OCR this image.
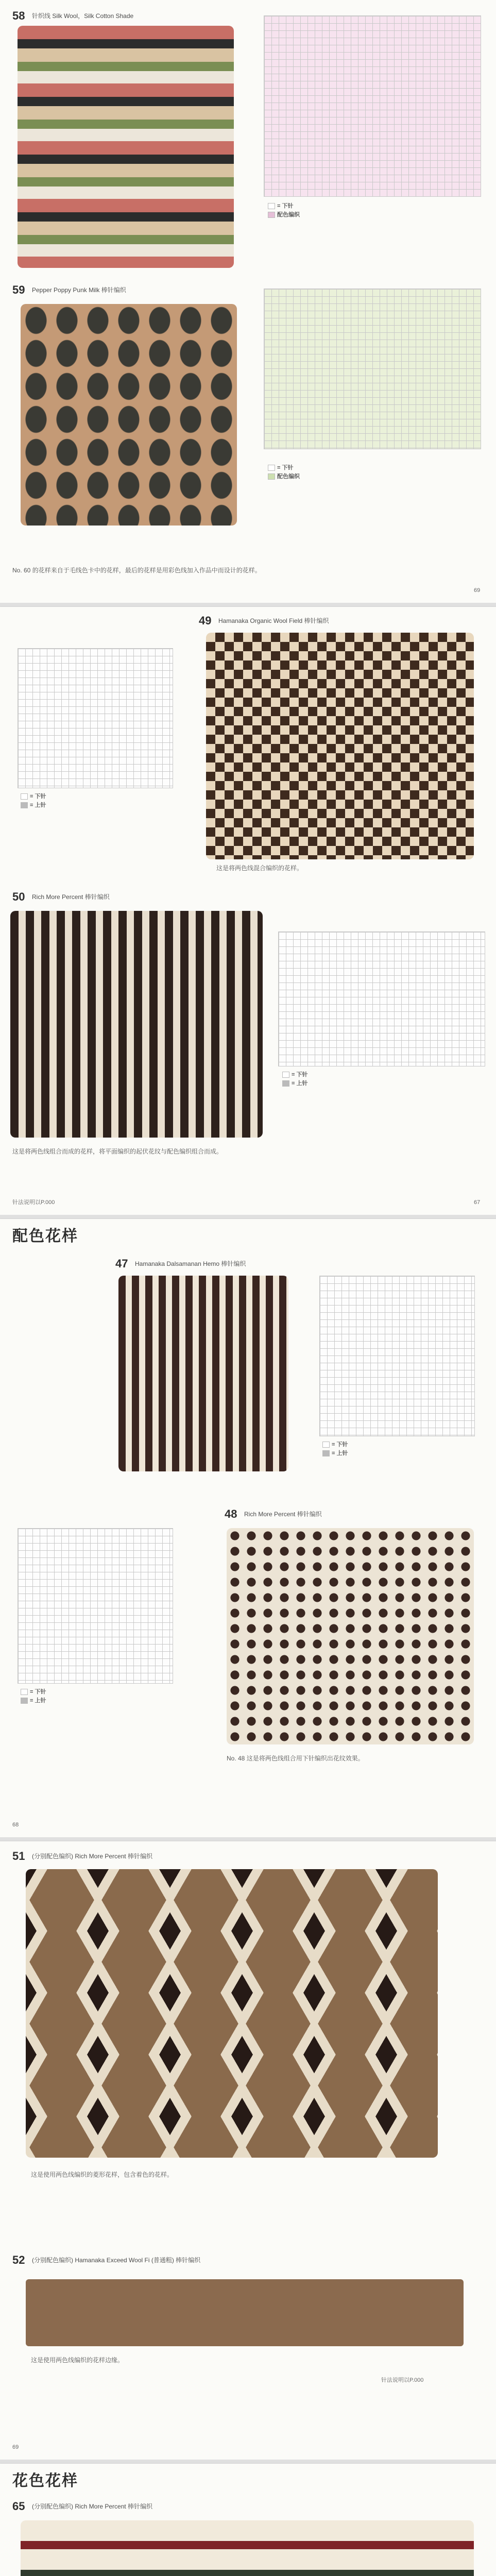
58 针织线 Silk Wool，Silk Cotton Shade
= 下针
配色编织
59 Pepper Poppy Punk Milk 棒针编织
= 下针
配色编织
No. 60 的花样来自于毛线色卡中的花样，最后的花样是用彩色线加入作品中而设计的花样。
69
= 下针
= 上针
49 Hamanaka Organic Wool Field 棒针编织
这是将两色线混合编织的花样。
50 Rich More Percent 棒针编织
= 下针
= 上针
这是将两色线组合而成的花样，将平面编织的起伏花纹与配色编织组合而成。
针法说明以P.000	67
配色花样
47 Hamanaka Dalsamanan Hemo 棒针编织
= 下针
= 上针
= 下针
= 上针
48 Rich More Percent 棒针编织
No. 48 这是将两色线组合用下针编织出花纹效果。
68
51 (分别配色编织) Rich More Percent 棒针编织
这是使用两色线编织的菱形花样，包含着色的花样。
52 (分别配色编织) Hamanaka Exceed Wool Fi (普通粗) 棒针编织
这是使用两色线编织的花样边缘。
针法说明以P.000
69
花色花样
65 (分别配色编织) Rich More Percent 棒针编织
